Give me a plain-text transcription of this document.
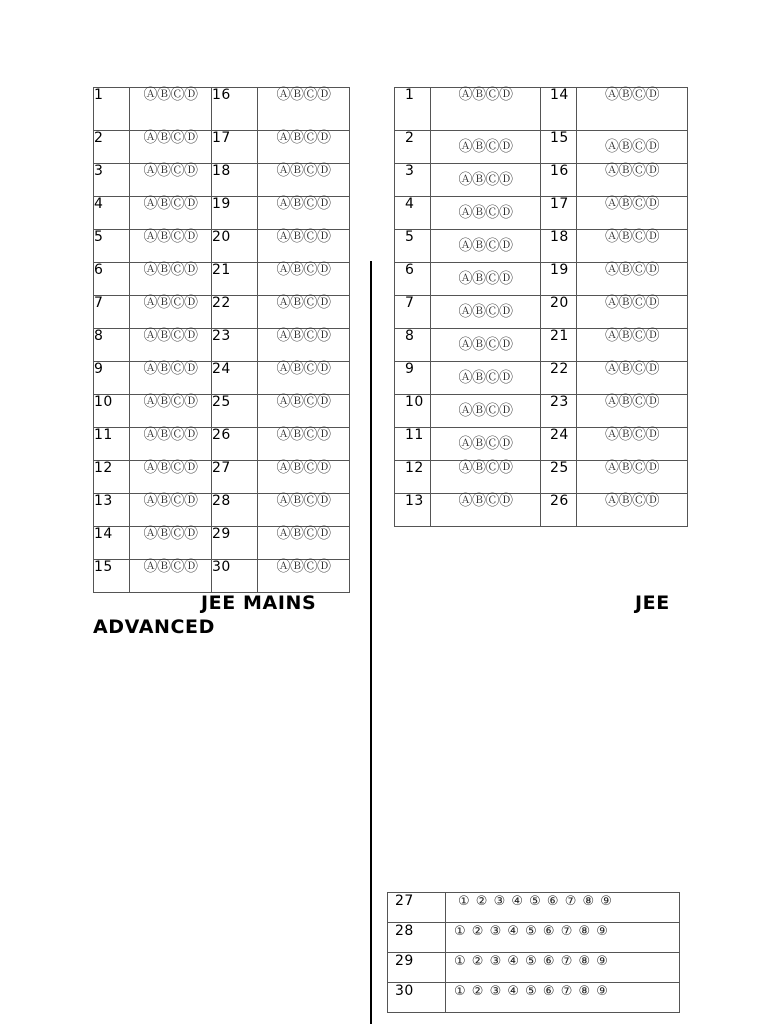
1	ⒶⒷⒸⒹ	16	ⒶⒷⒸⒹ
2	ⒶⒷⒸⒹ	17	ⒶⒷⒸⒹ
3	ⒶⒷⒸⒹ	18	ⒶⒷⒸⒹ
4	ⒶⒷⒸⒹ	19	ⒶⒷⒸⒹ
5	ⒶⒷⒸⒹ	20	ⒶⒷⒸⒹ
6	ⒶⒷⒸⒹ	21	ⒶⒷⒸⒹ
7	ⒶⒷⒸⒹ	22	ⒶⒷⒸⒹ
8	ⒶⒷⒸⒹ	23	ⒶⒷⒸⒹ
9	ⒶⒷⒸⒹ	24	ⒶⒷⒸⒹ
10	ⒶⒷⒸⒹ	25	ⒶⒷⒸⒹ
11	ⒶⒷⒸⒹ	26	ⒶⒷⒸⒹ
12	ⒶⒷⒸⒹ	27	ⒶⒷⒸⒹ
13	ⒶⒷⒸⒹ	28	ⒶⒷⒸⒹ
14	ⒶⒷⒸⒹ	29	ⒶⒷⒸⒹ
15	ⒶⒷⒸⒹ	30	ⒶⒷⒸⒹ
1	ⒶⒷⒸⒹ	14	ⒶⒷⒸⒹ
2	ⒶⒷⒸⒹ	15	ⒶⒷⒸⒹ
3	ⒶⒷⒸⒹ	16	ⒶⒷⒸⒹ
4	ⒶⒷⒸⒹ	17	ⒶⒷⒸⒹ
5	ⒶⒷⒸⒹ	18	ⒶⒷⒸⒹ
6	ⒶⒷⒸⒹ	19	ⒶⒷⒸⒹ
7	ⒶⒷⒸⒹ	20	ⒶⒷⒸⒹ
8	ⒶⒷⒸⒹ	21	ⒶⒷⒸⒹ
9	ⒶⒷⒸⒹ	22	ⒶⒷⒸⒹ
10	ⒶⒷⒸⒹ	23	ⒶⒷⒸⒹ
11	ⒶⒷⒸⒹ	24	ⒶⒷⒸⒹ
12	ⒶⒷⒸⒹ	25	ⒶⒷⒸⒹ
13	ⒶⒷⒸⒹ	26	ⒶⒷⒸⒹ
JEE MAINS	JEE
ADVANCED
27	① ② ③ ④ ⑤ ⑥ ⑦ ⑧ ⑨
28	① ② ③ ④ ⑤ ⑥ ⑦ ⑧ ⑨
29	① ② ③ ④ ⑤ ⑥ ⑦ ⑧ ⑨
30	① ② ③ ④ ⑤ ⑥ ⑦ ⑧ ⑨
